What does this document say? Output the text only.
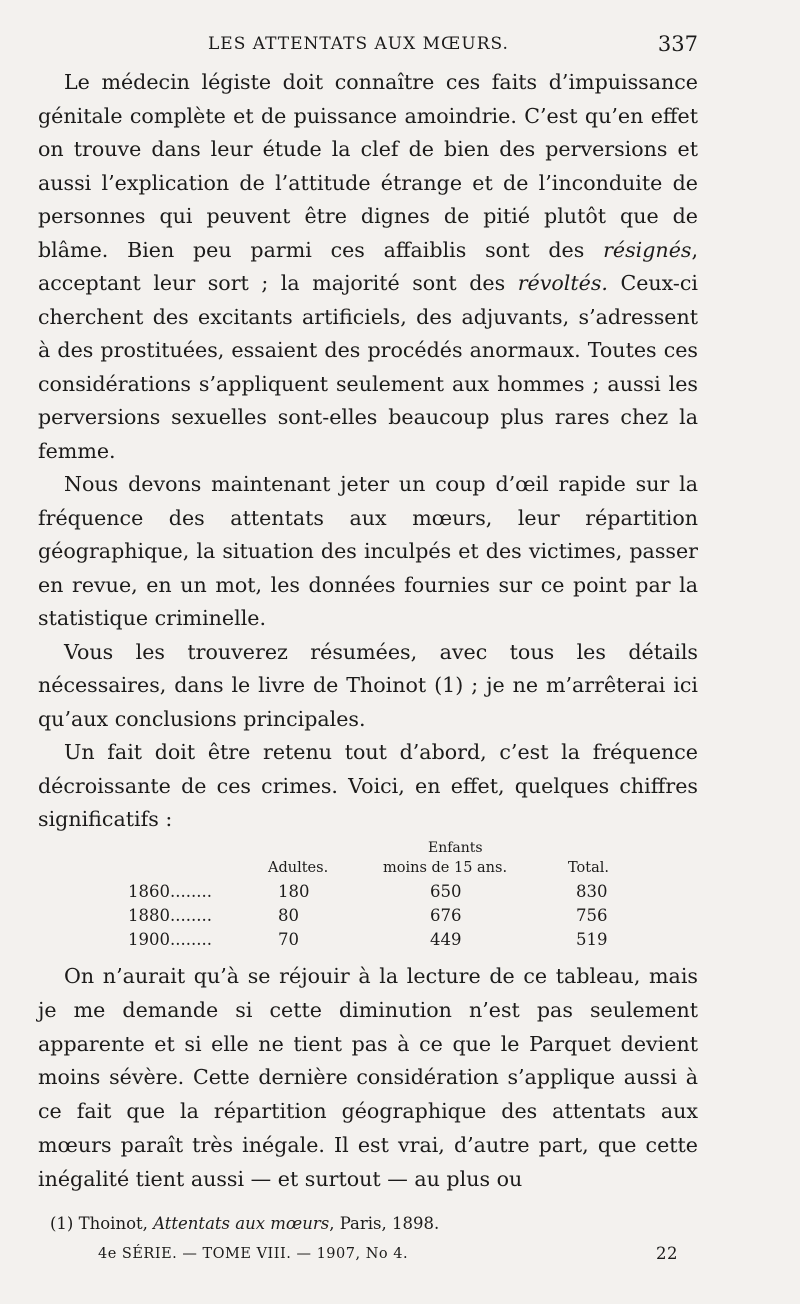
LES ATTENTATS AUX MŒURS.	337

Le médecin légiste doit connaître ces faits d’impuissance génitale complète et de puissance amoindrie. C’est qu’en effet on trouve dans leur étude la clef de bien des perversions et aussi l’explication de l’attitude étrange et de l’inconduite de personnes qui peuvent être dignes de pitié plutôt que de blâme. Bien peu parmi ces affaiblis sont des résignés, acceptant leur sort ; la majorité sont des révoltés. Ceux-ci cherchent des excitants artificiels, des adjuvants, s’adressent à des prostituées, essaient des procédés anormaux. Toutes ces considérations s’appliquent seulement aux hommes ; aussi les perversions sexuelles sont-elles beaucoup plus rares chez la femme.

Nous devons maintenant jeter un coup d’œil rapide sur la fréquence des attentats aux mœurs, leur répartition géographique, la situation des inculpés et des victimes, passer en revue, en un mot, les données fournies sur ce point par la statistique criminelle.

Vous les trouverez résumées, avec tous les détails nécessaires, dans le livre de Thoinot (1) ; je ne m’arrêterai ici qu’aux conclusions principales.

Un fait doit être retenu tout d’abord, c’est la fréquence décroissante de ces crimes. Voici, en effet, quelques chiffres significatifs :

Enfants
Adultes.	moins de 15 ans.	Total.
1860........	180	650	830
1880........	80	676	756
1900........	70	449	519

On n’aurait qu’à se réjouir à la lecture de ce tableau, mais je me demande si cette diminution n’est pas seulement apparente et si elle ne tient pas à ce que le Parquet devient moins sévère. Cette dernière considération s’applique aussi à ce fait que la répartition géographique des attentats aux mœurs paraît très inégale. Il est vrai, d’autre part, que cette inégalité tient aussi — et surtout — au plus ou

(1) Thoinot, Attentats aux mœurs, Paris, 1898.
4e SÉRIE. — TOME VIII. — 1907, No 4.	22
